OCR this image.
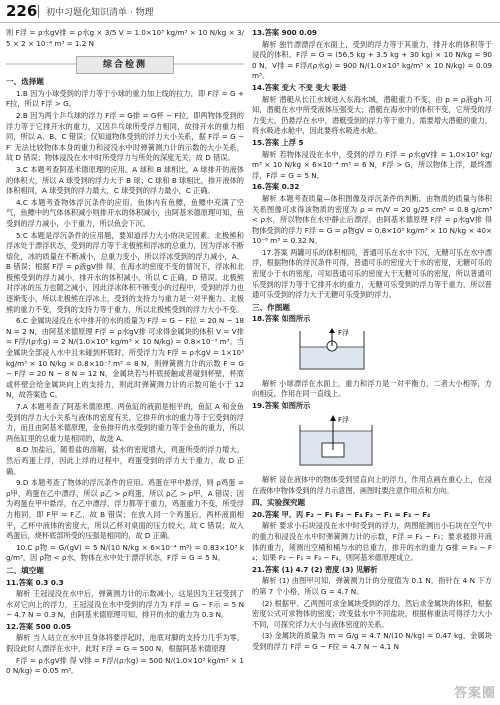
226 初中习题化知识清单 · 物理

则 F浮 = ρ水gV排 = ρ水g × 3/5 V = 1.0×10³ kg/m³ × 10 N/kg × 3/5 × 2 × 10⁻⁴ m³ = 1.2 N

综合检测
一、选择题

1.B 因为小球受到的浮力等于小球的重力加上线的拉力，即 F浮 = G + F拉，所以 F浮 > G。

2.B 因为两个乒乓球的浮力 F浮 = G排 = G杯 − F拉，即两物体受到的浮力等于它排开水的重力，又因乒乓球所受浮力相同，故排开水的重力相同，所以 A、B、C 错误；仅知道物体受到的浮力大小关系，据 F浮 = G − F′ 无法比较物体本身的重力和浸没水中时弹簧测力计的示数的大小关系，故 D 错误；物体浸没在水中时所受浮力与所处的深度无关，故 D 错误。

3.C 本题考查阿基米德原理的应用。A 球和 B 球相比，A 球排开的液体的体积大，所以 A 球受到的浮力大于 B 球；C 球和 B 球相比，排开液体的体积相同，A 球受到的浮力最大，C 球受到的浮力最小，C 正确。

4.C 本题考查物体浮沉条件的应用。鱼体内有鱼鳔，鱼鳔中充满了空气，鱼鳔中的气体体积减小则排开水的体积减小，由阿基米德原理可知，鱼受到的浮力减小，小于重力，所以鱼会下沉。

5.C 本题是浮沉条件的应用题，要知道浮力大小的决定因素。北极熊和浮冰处于漂浮状态，受到的浮力等于北极熊和浮冰的总重力，因为浮冰不断熔化，冰的质量在不断减小，总重力变小，所以浮冰受到的浮力减小，A、B 错误；根据 F浮 = ρ液gV排 得，在海水的密度不变的情况下，浮冰和北极熊受到的浮力减小，排开水的体积减小，所以 C 正确，D 错误。北极熊对浮冰的压力也随之减小，因此浮冰体积不断变小的过程中，受到的浮力也逐渐变小，所以北极熊在浮冰上，受到的支持力与重力是一对平衡力。北极熊的重力不变，受到的支持力等于重力，所以北极熊受到的浮力大小不变。

6.C 金属块浸没在水中排开的水的质量为 F浮 = G − F拉 = 20 N − 18 N = 2 N，由阿基米德原理 F浮 = ρ水gV排 可求得金属块的体积 V = V排 = F浮/(ρ水g) = 2 N/(1.0×10³ kg/m³ × 10 N/kg) = 0.8×10⁻³ m³。当金属块全部浸入水中且未碰到杯底时，所受浮力为 F浮 = ρ水gV = 1×10³ kg/m³ × 10 N/kg × 0.8×10⁻³ m³ = 8 N，则弹簧测力计的示数 F = G − F浮 = 20 N − 8 N = 12 N，金属块若与杯底接触或者碰到杯壁，杯底或杯壁会给金属块向上的支持力，则此时弹簧测力计的示数可能小于 12 N，故答案选 C。

7.A 本题考查了阿基米德原理。两鱼缸的液面是相平的，鱼缸 A 和金鱼受到的浮力大小关系与液体的密度有关，它排开的水的重力等于它受到的浮力，而且由阿基米德原理，金鱼排开的水受到的重力等于金鱼的重力，所以两鱼缸里的总重力是相同的，故选 A。

8.D 加盐后，随着盐的溶解，盐水的密度增大，鸡蛋所受的浮力增大，然后鸡蛋上浮，因此上浮的过程中，鸡蛋受到的浮力大于重力，故 D 正确。

9.D 本题考查了物体的浮沉条件的应用。鸡蛋在甲中悬浮，则 ρ鸡蛋 = ρ甲，鸡蛋在乙中漂浮，所以 ρ乙 > ρ鸡蛋，所以 ρ乙 > ρ甲，A 错误；因为鸡蛋在甲中悬浮，在乙中漂浮，浮力都等于重力，鸡蛋重力不变，所受浮力相同，即 F甲 = F乙，故 B 错误；在放入同一个鸡蛋后，两杯液面相平，乙杯中液体的密度大，所以乙杯对桌面的压力较大，故 C 错误；故入鸡蛋后，烧杯底部所受的压强是相同的，故 D 正确。

10.C ρ物 = G/(gV) = 5 N/(10 N/kg × 6×10⁻⁴ m³) = 0.83×10³ kg/m³，因 ρ物 < ρ水，物体在水中处于漂浮状态，F浮 = G = 5 N。

二、填空题

11.答案 0.3 0.3

解析 王冠浸没在水中后，弹簧测力计的示数减小，这是因为王冠受到了水对它向上的浮力，王冠浸没在水中受到的浮力为 F浮 = G − F示 = 5 N − 4.7 N = 0.3 N，由阿基米德原理可知，排开的水的重力为 0.3 N。

12.答案 500 0.05

解析 当人站立在水中且身体将要浮起时，池底对脚的支持力几乎为零，假设此时人漂浮在水中，此时 F浮 = G = 500 N，根据阿基米德原理

F浮 = ρ水gV排 得 V排 = F浮/(ρ水g) = 500 N/(1.0×10³ kg/m³ × 10 N/kg) = 0.05 m³。

13.答案 900 0.09

解析 独竹漂漂浮在水面上，受到的浮力等于其重力，排开水的体积等于浸没的体积。F浮 = G = (56.5 kg + 3.5 kg + 30 kg) × 10 N/kg = 900 N，V排 = F浮/(ρ水g) = 900 N/(1.0×10³ kg/m³ × 10 N/kg) = 0.09 m³。

14.答案 变大 不变 变大 吸进

解析 潜艇从长江水域进入东海水域，潜艇重力不变，由 p = ρ液gh 可知，潜艇在水中所受液体压强变大；潜艇在海水中的体积不变，它所受的浮力变大，仍悬浮在水中，潜艇受到的浮力等于重力，需要增大潜艇的重力，将水吸进水舱中，因此要将水吸进水舱。

15.答案 上浮 5

解析 若物体浸没在水中，受到的浮力 F浮 = ρ水gV排 = 1.0×10³ kg/m³ × 10 N/kg × 6×10⁻⁴ m³ = 6 N，F浮 > G，所以物体上浮，最终漂浮，F浮 = G = 5 N。

16.答案 0.32

解析 本题考查质量—体积图像及浮沉条件的判断。由物质的质量与体积关系图像可求得该物质的密度为 ρ = m/V = 20 g/25 cm³ = 0.8 g/cm³ < ρ水，所以物体在水中静止后漂浮，由阿基米德原理 F浮 = ρ水gV排 得物体受到的浮力 F浮 = G = ρ物gV = 0.8×10³ kg/m³ × 10 N/kg × 40×10⁻⁶ m³ = 0.32 N。

17.答案 两罐可乐的体积相同，普通可乐在水中下沉，无糖可乐在水中漂浮，根据物体的浮沉条件可得，普通可乐的密度大于水的密度，无糖可乐的密度小于水的密度，可知普通可乐的密度大于无糖可乐的密度，所以普通可乐受到的浮力等于它排开水的重力，无糖可乐受到的浮力等于重力，所以普通可乐受到的浮力大于无糖可乐受到的浮力。

三、作图题

18.答案 如图所示

F浮

解析 小球漂浮在水面上，重力和浮力是一对平衡力，二者大小相等，方向相反，作用在同一直线上。

19.答案 如图所示

F浮

解析 浸在液体中的物体受到竖直向上的浮力，作用点画在重心上，在浸在液体中物体受到的浮力示意图，画图时要注意作用点和方向。

四、实验探究题

20.答案 甲、丙 F₂ − F₁ F₃ − F₄ F₂ − F₁ = F₃ − F₄

解析 要求小石块浸没在水中时受到的浮力，两图能测出小石块在空气中的重力和浸没在水中时弹簧测力计的示数，F浮 = F₂ − F₁；要求被排开液体的重力，须测出空桶和桶与水的总重力，排开的水的重力 G排 = F₃ − F₄；如果 F₂ − F₁ = F₃ − F₄，则阿基米德原理成立。

21.答案 (1) 4.7 (2) 密度 (3) 见解析

解析 (1) 由图甲可知，弹簧测力计的分度值为 0.1 N，指针在 4 N 下方的第 7 个小格，所以 G = 4.7 N。

(2) 根据甲、乙两图可求金属块受到的浮力，然后求金属块的体积，根据密度公式可求物体的密度；改变盐水中不同盐块，根据称重法可得浮力大小不同，可探究浮力大小与液体密度的关系。

(3) 金属块的质量为 m = G/g = 4.7 N/(10 N/kg) = 0.47 kg，金属块受到的浮力 F浮 = G − F拉 = 4.7 N − 4.1 N

答案圈
